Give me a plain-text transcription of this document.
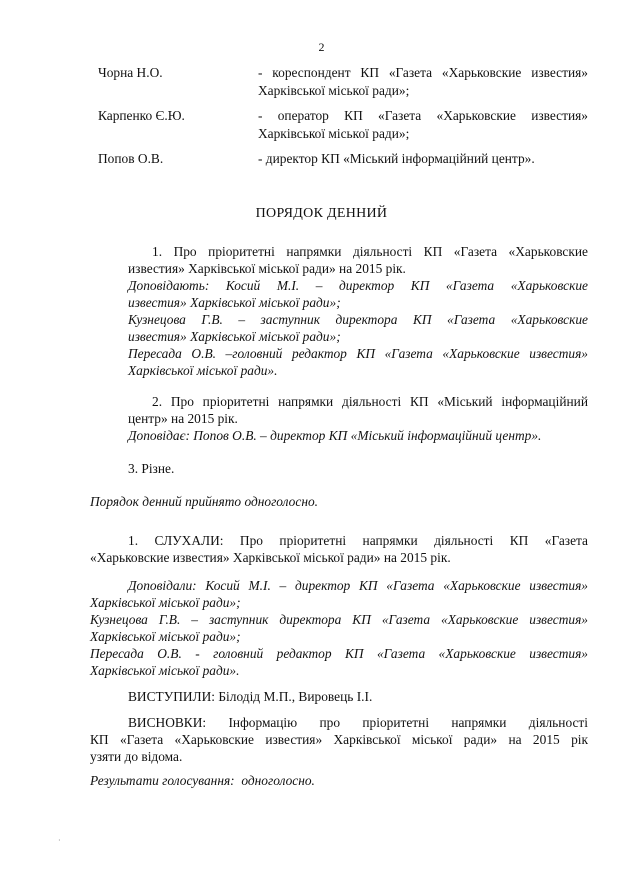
2
Чорна Н.О.	- кореспондент КП «Газета «Харьковские известия»
Харківської міської ради»;
Карпенко Є.Ю.	- оператор КП «Газета «Харьковские известия»
Харківської міської ради»;
Попов О.В.	- директор КП «Міський інформаційний центр».
ПОРЯДОК ДЕННИЙ
1. Про пріоритетні напрямки діяльності КП «Газета «Харьковские
известия» Харківської міської ради» на 2015 рік.
Доповідають: Косий М.І. – директор КП «Газета «Харьковские
известия» Харківської міської ради»;
Кузнецова Г.В. – заступник директора КП «Газета «Харьковские
известия» Харківської міської ради»;
Пересада О.В. –головний редактор КП «Газета «Харьковские известия»
Харківської міської ради».
2. Про пріоритетні напрямки діяльності КП «Міський інформаційний
центр» на 2015 рік.
Доповідає: Попов О.В. – директор КП «Міський інформаційний центр».
3. Різне.
Порядок денний прийнято одноголосно.
1. СЛУХАЛИ: Про пріоритетні напрямки діяльності КП «Газета
«Харьковские известия» Харківської міської ради» на 2015 рік.
Доповідали: Косий М.І. – директор КП «Газета «Харьковские известия»
Харківської міської ради»;
Кузнецова Г.В. – заступник директора КП «Газета «Харьковские известия»
Харківської міської ради»;
Пересада О.В. - головний редактор КП «Газета «Харьковские известия»
Харківської міської ради».
ВИСТУПИЛИ: Білодід М.П., Вировець І.І.
ВИСНОВКИ: Інформацію про пріоритетні напрямки діяльності
КП «Газета «Харьковские известия» Харківської міської ради» на 2015 рік
узяти до відома.
Результати голосування: одноголосно.
·
